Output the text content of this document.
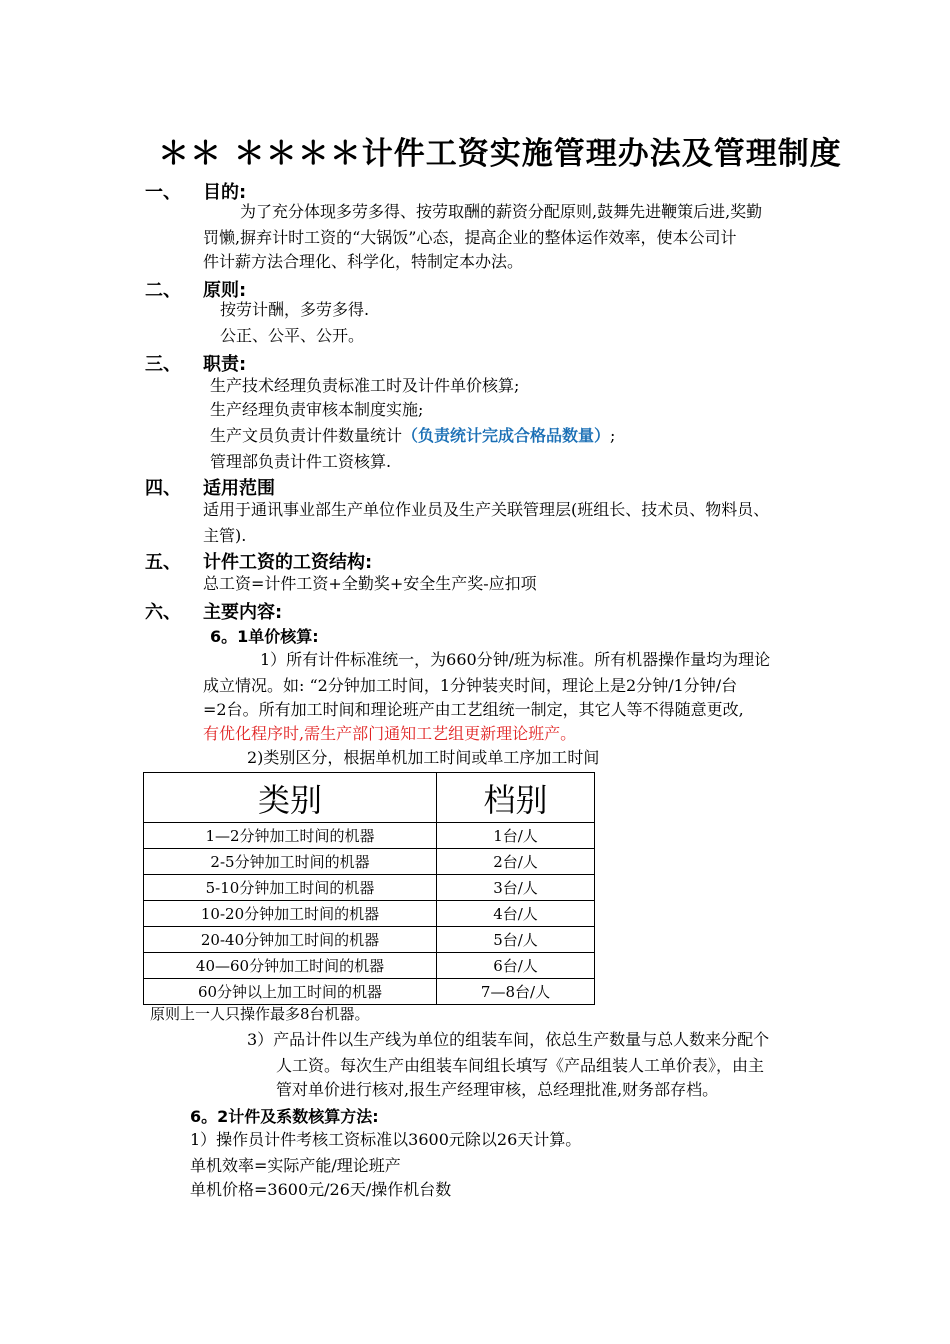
＊＊ ＊＊＊＊计件工资实施管理办法及管理制度
一、 目的:
为了充分体现多劳多得、按劳取酬的薪资分配原则,鼓舞先进鞭策后进,奖勤
罚懒,摒弃计时工资的“大锅饭”心态，提高企业的整体运作效率，使本公司计
件计薪方法合理化、科学化，特制定本办法。
二、 原则:
按劳计酬，多劳多得.
公正、公平、公开。
三、 职责:
生产技术经理负责标准工时及计件单价核算;
生产经理负责审核本制度实施;
生产文员负责计件数量统计（负责统计完成合格品数量）;
管理部负责计件工资核算.
四、 适用范围
适用于通讯事业部生产单位作业员及生产关联管理层(班组长、技术员、物料员、
主管).
五、 计件工资的工资结构:
总工资=计件工资+全勤奖+安全生产奖-应扣项
六、 主要内容:
6。1单价核算:
1）所有计件标准统一，为660分钟/班为标准。所有机器操作量均为理论
成立情况。如: “2分钟加工时间，1分钟装夹时间，理论上是2分钟/1分钟/台
=2台。所有加工时间和理论班产由工艺组统一制定，其它人等不得随意更改,
有优化程序时,需生产部门通知工艺组更新理论班产。
2)类别区分，根据单机加工时间或单工序加工时间
类别	档别
1—2分钟加工时间的机器	1台/人
2-5分钟加工时间的机器	2台/人
5-10分钟加工时间的机器	3台/人
10-20分钟加工时间的机器	4台/人
20-40分钟加工时间的机器	5台/人
40—60分钟加工时间的机器	6台/人
60分钟以上加工时间的机器	7—8台/人
原则上一人只操作最多8台机器。
3）产品计件以生产线为单位的组装车间，依总生产数量与总人数来分配个
人工资。每次生产由组装车间组长填写《产品组装人工单价表》，由主
管对单价进行核对,报生产经理审核，总经理批准,财务部存档。
6。2计件及系数核算方法:
1）操作员计件考核工资标准以3600元除以26天计算。
单机效率=实际产能/理论班产
单机价格=3600元/26天/操作机台数
